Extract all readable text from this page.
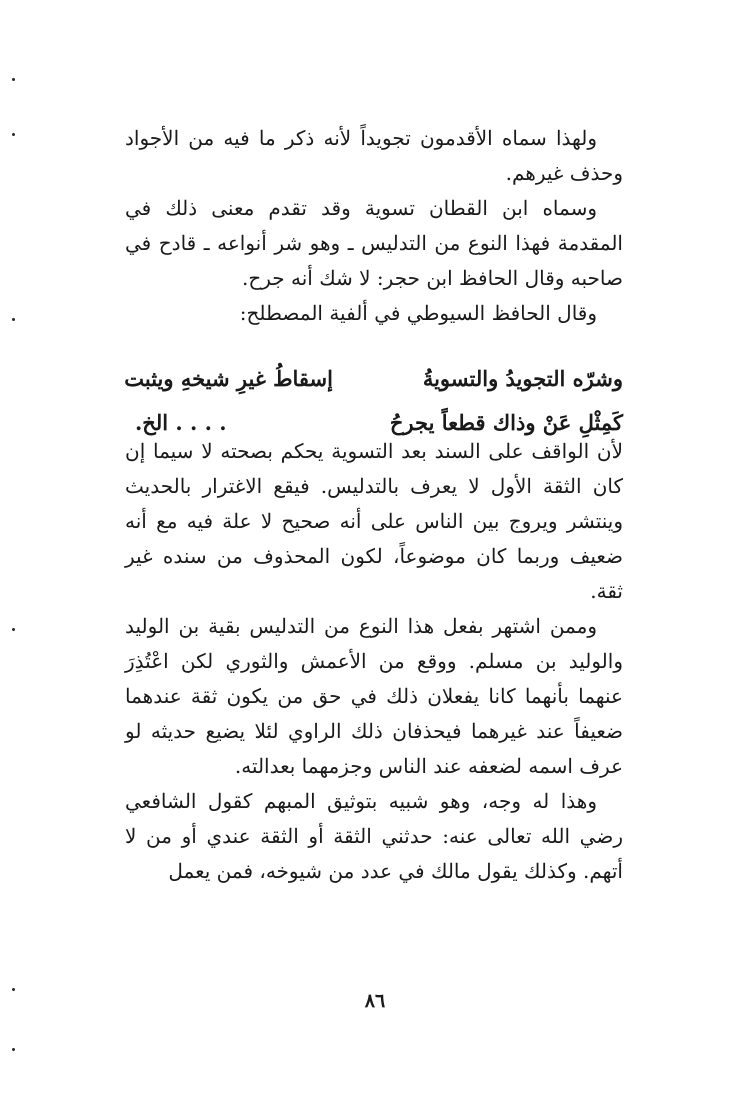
ولهذا سماه الأقدمون تجويداً لأنه ذكر ما فيه من الأجواد وحذف غيرهم.

وسماه ابن القطان تسوية وقد تقدم معنى ذلك في المقدمة فهذا النوع من التدليس ـ وهو شر أنواعه ـ قادح في صاحبه وقال الحافظ ابن حجر: لا شك أنه جرح.

وقال الحافظ السيوطي في ألفية المصطلح:

وشرّه التجويدُ والتسويةُ
إسقاطُ غيرِ شيخهِ ويثبت
كَمِثْلِ عَنْ وذاك قطعاً يجرحُ
. . . . الخ.

لأن الواقف على السند بعد التسوية يحكم بصحته لا سيما إن كان الثقة الأول لا يعرف بالتدليس. فيقع الاغترار بالحديث وينتشر ويروج بين الناس على أنه صحيح لا علة فيه مع أنه ضعيف وربما كان موضوعاً، لكون المحذوف من سنده غير ثقة.

وممن اشتهر بفعل هذا النوع من التدليس بقية بن الوليد والوليد بن مسلم. ووقع من الأعمش والثوري لكن اعْتُذِرَ عنهما بأنهما كانا يفعلان ذلك في حق من يكون ثقة عندهما ضعيفاً عند غيرهما فيحذفان ذلك الراوي لئلا يضيع حديثه لو عرف اسمه لضعفه عند الناس وجزمهما بعدالته.

وهذا له وجه، وهو شبيه بتوثيق المبهم كقول الشافعي رضي الله تعالى عنه: حدثني الثقة أو الثقة عندي أو من لا أتهم. وكذلك يقول مالك في عدد من شيوخه، فمن يعمل

٨٦
